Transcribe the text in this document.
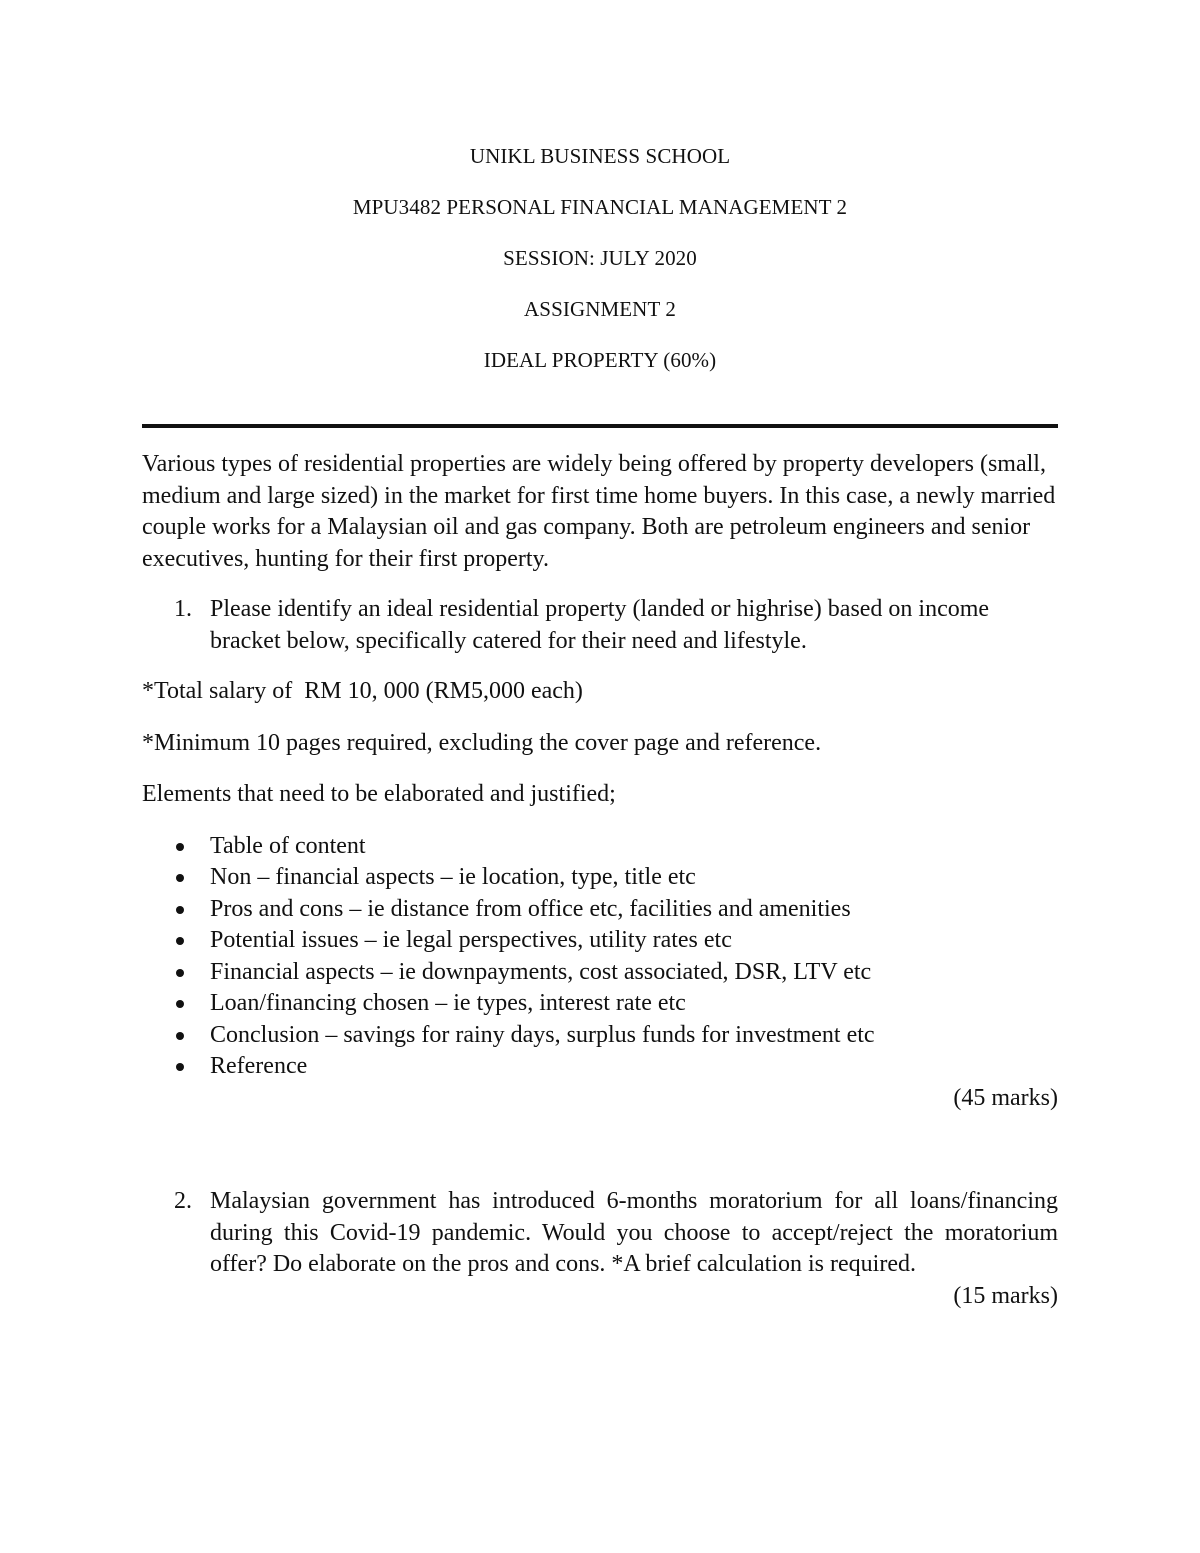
UNIKL BUSINESS SCHOOL
MPU3482 PERSONAL FINANCIAL MANAGEMENT 2
SESSION: JULY 2020
ASSIGNMENT 2
IDEAL PROPERTY (60%)

Various types of residential properties are widely being offered by property developers (small, medium and large sized) in the market for first time home buyers. In this case, a newly married couple works for a Malaysian oil and gas company. Both are petroleum engineers and senior executives, hunting for their first property.

1. Please identify an ideal residential property (landed or highrise) based on income bracket below, specifically catered for their need and lifestyle.

*Total salary of  RM 10, 000 (RM5,000 each)

*Minimum 10 pages required, excluding the cover page and reference.

Elements that need to be elaborated and justified;

Table of content
Non – financial aspects – ie location, type, title etc
Pros and cons – ie distance from office etc, facilities and amenities
Potential issues – ie legal perspectives, utility rates etc
Financial aspects – ie downpayments, cost associated, DSR, LTV etc
Loan/financing chosen – ie types, interest rate etc
Conclusion – savings for rainy days, surplus funds for investment etc
Reference
(45 marks)
2. Malaysian government has introduced 6-months moratorium for all loans/financing during this Covid-19 pandemic. Would you choose to accept/reject the moratorium offer? Do elaborate on the pros and cons. *A brief calculation is required.
(15 marks)
